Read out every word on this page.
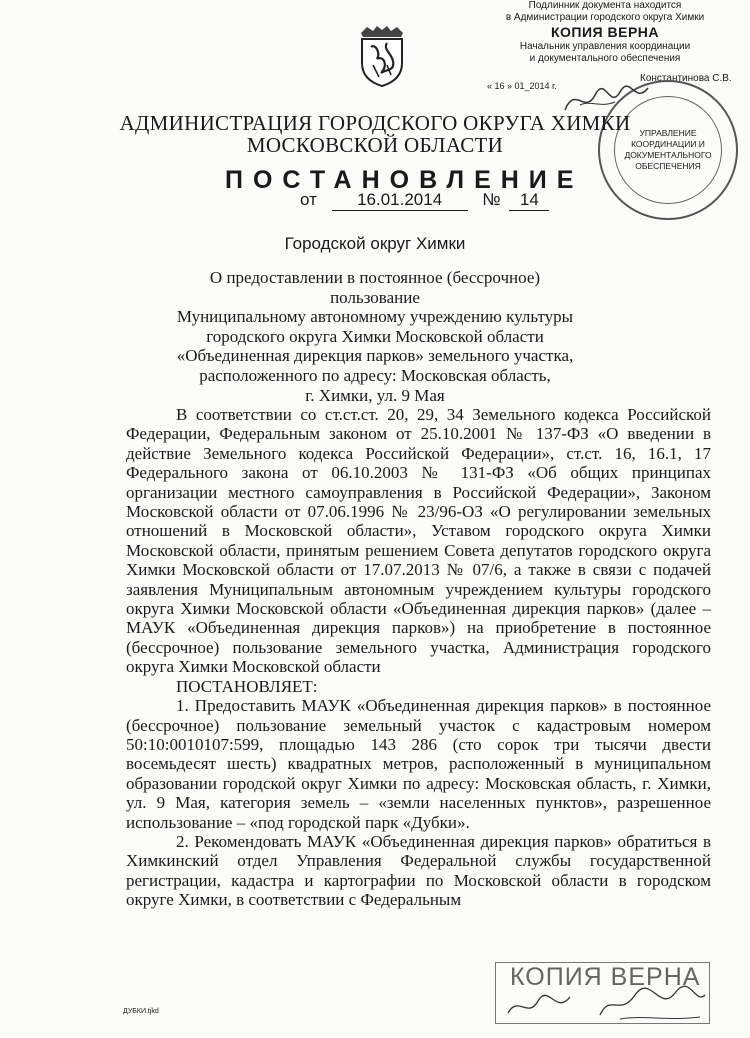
Подлинник документа находится
в Администрации городского округа Химки
КОПИЯ ВЕРНА
Начальник управления координации
и документального обеспечения
« 16 » 01_2014 г.
Константинова С.В.
УПРАВЛЕНИЕ
КООРДИНАЦИИ И
ДОКУМЕНТАЛЬНОГО
ОБЕСПЕЧЕНИЯ
АДМИНИСТРАЦИЯ ГОРОДСКОГО ОКРУГА ХИМКИ
МОСКОВСКОЙ ОБЛАСТИ
ПОСТАНОВЛЕНИЕ
от 16.01.2014 № 14
Городской округ Химки
О предоставлении в постоянное (бессрочное) пользование
Муниципальному автономному учреждению культуры
городского округа Химки Московской области
«Объединенная дирекция парков» земельного участка,
расположенного по адресу: Московская область,
г. Химки, ул. 9 Мая

В соответствии со ст.ст.ст. 20, 29, 34 Земельного кодекса Российской Федерации, Федеральным законом от 25.10.2001 № 137-ФЗ «О введении в действие Земельного кодекса Российской Федерации», ст.ст. 16, 16.1, 17 Федерального закона от 06.10.2003 № 131-ФЗ «Об общих принципах организации местного самоуправления в Российской Федерации», Законом Московской области от 07.06.1996 № 23/96-ОЗ «О регулировании земельных отношений в Московской области», Уставом городского округа Химки Московской области, принятым решением Совета депутатов городского округа Химки Московской области от 17.07.2013 № 07/6, а также в связи с подачей заявления Муниципальным автономным учреждением культуры городского округа Химки Московской области «Объединенная дирекция парков» (далее – МАУК «Объединенная дирекция парков») на приобретение в постоянное (бессрочное) пользование земельного участка, Администрация городского округа Химки Московской области

ПОСТАНОВЛЯЕТ:

1. Предоставить МАУК «Объединенная дирекция парков» в постоянное (бессрочное) пользование земельный участок с кадастровым номером 50:10:0010107:599, площадью 143 286 (сто сорок три тысячи двести восемьдесят шесть) квадратных метров, расположенный в муниципальном образовании городской округ Химки по адресу: Московская область, г. Химки, ул. 9 Мая, категория земель – «земли населенных пунктов», разрешенное использование – «под городской парк «Дубки».

2. Рекомендовать МАУК «Объединенная дирекция парков» обратиться в Химкинский отдел Управления Федеральной службы государственной регистрации, кадастра и картографии по Московской области в городском округе Химки, в соответствии с Федеральным

ДУБКИ.tjkd
КОПИЯ ВЕРНА
